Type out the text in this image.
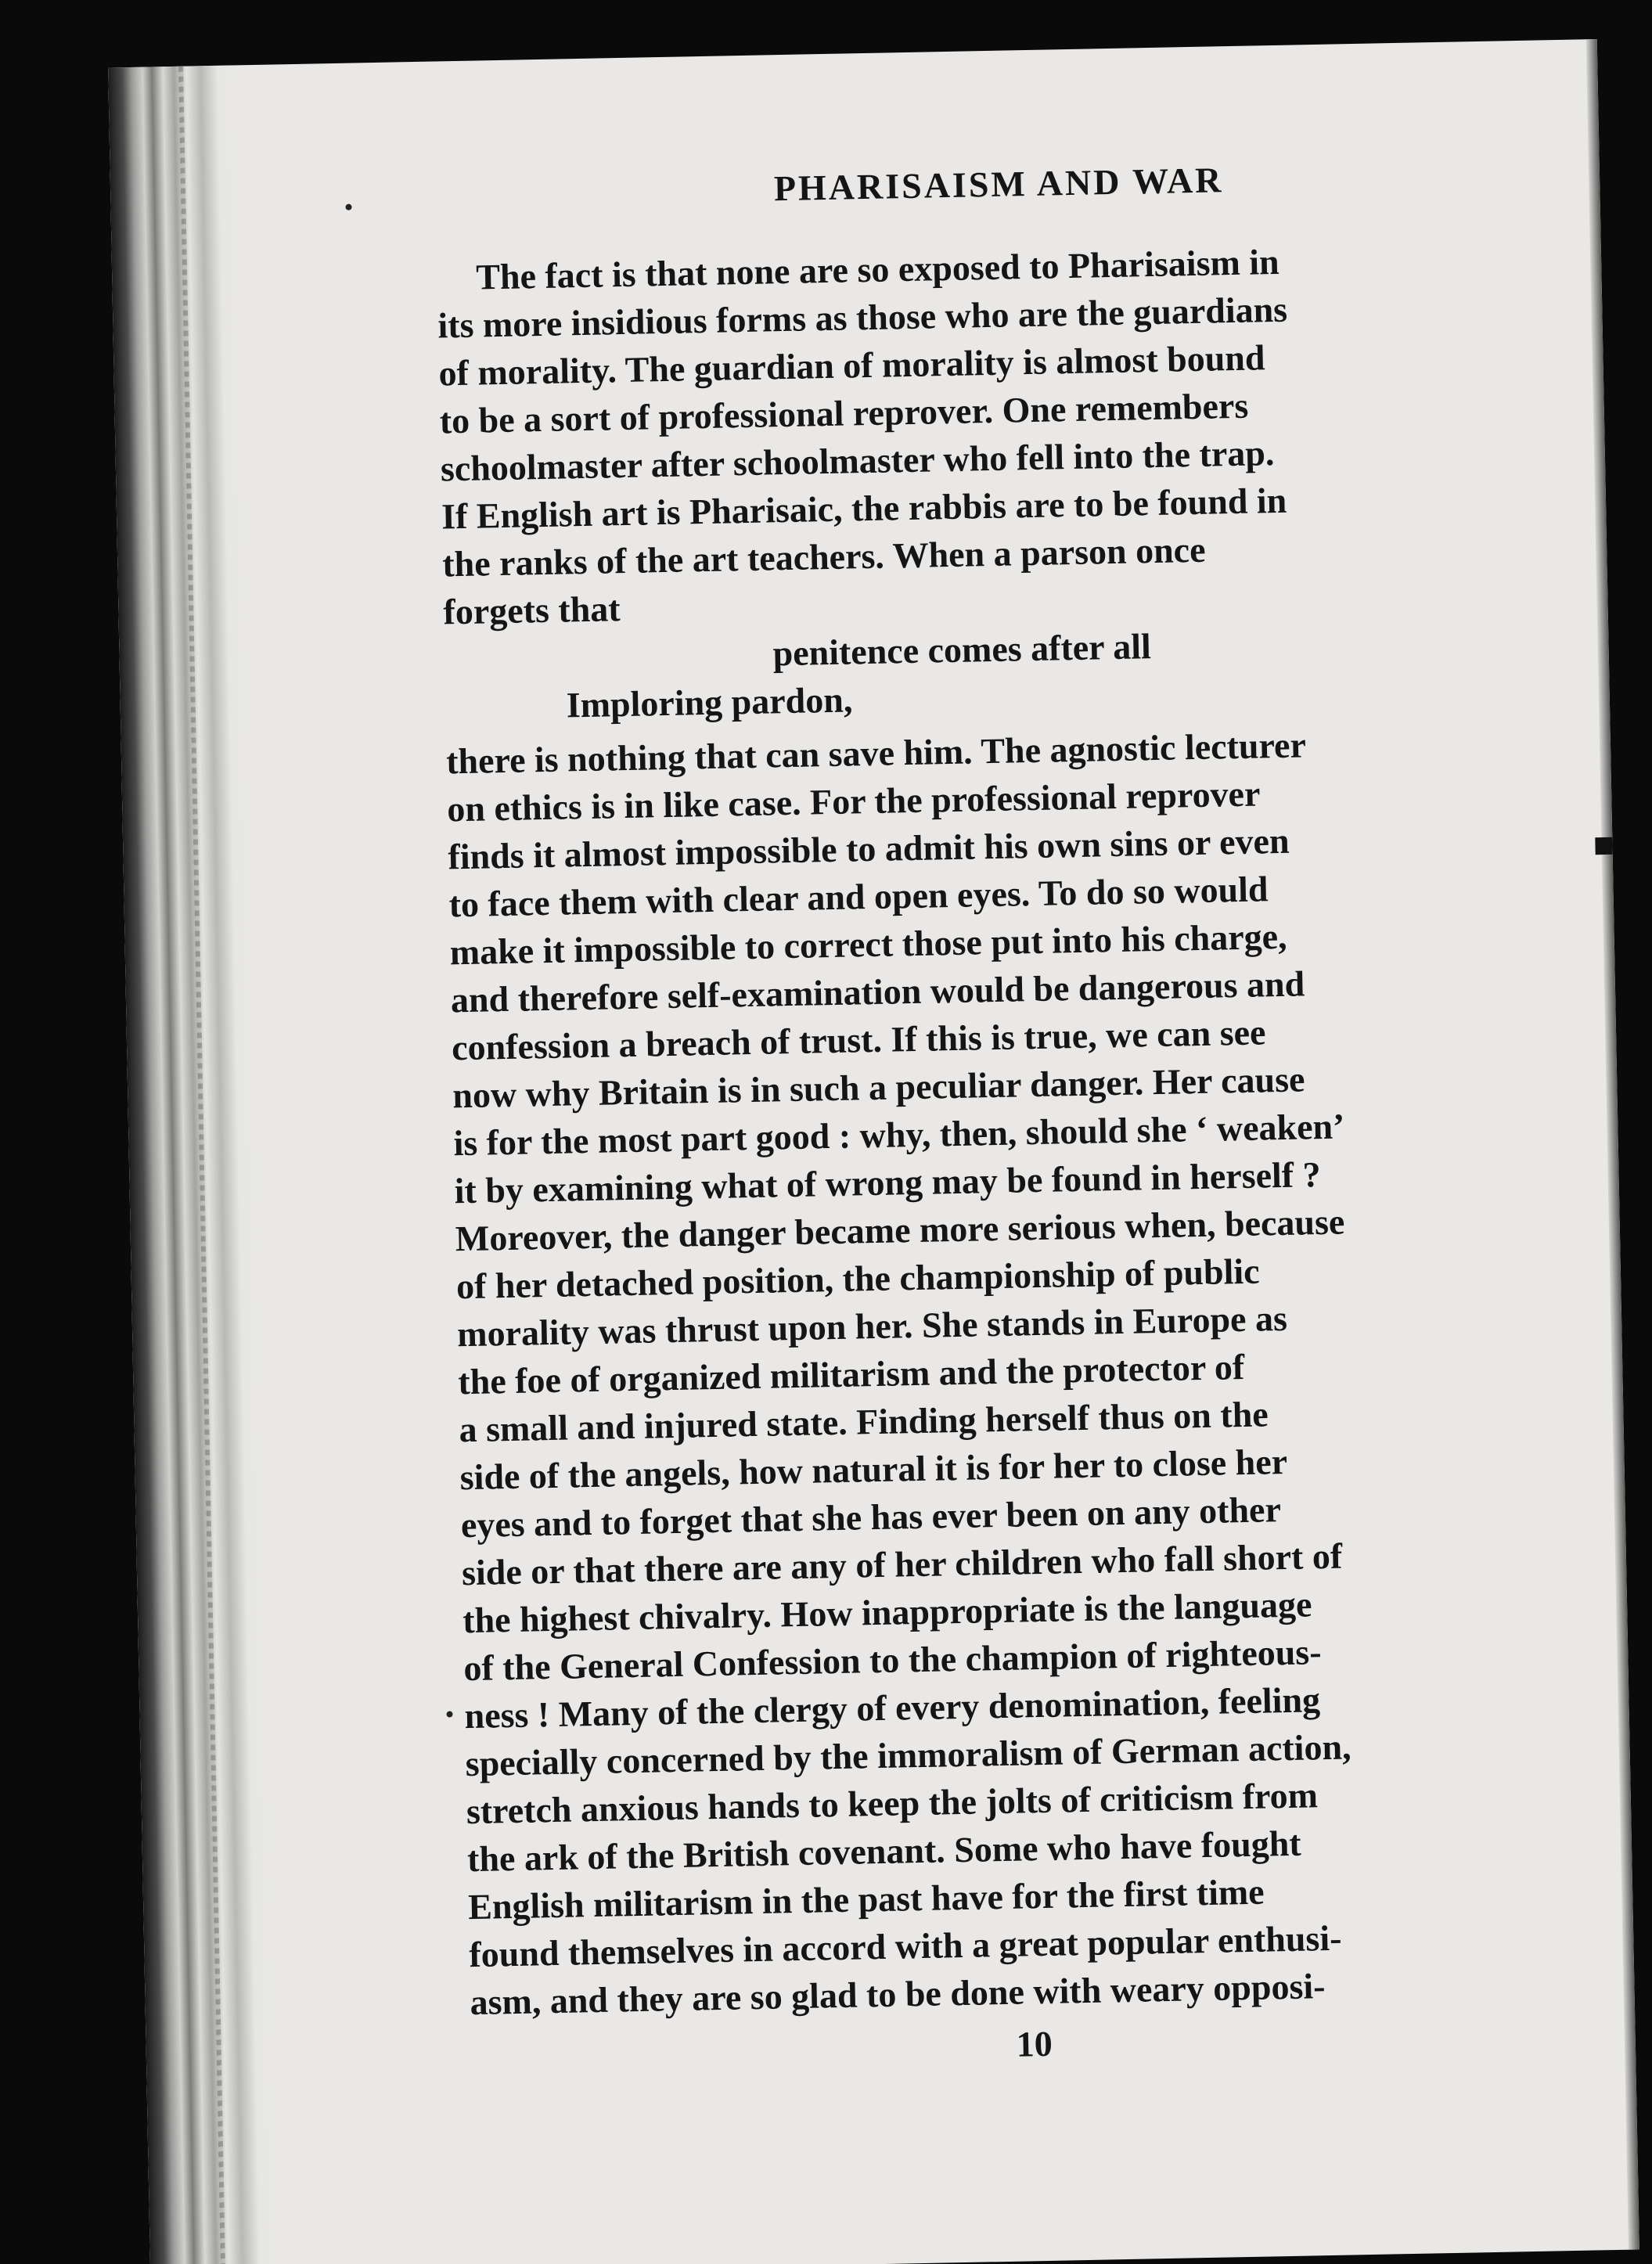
PHARISAISM AND WAR
The fact is that none are so exposed to Pharisaism in
its more insidious forms as those who are the guardians
of morality. The guardian of morality is almost bound
to be a sort of professional reprover. One remembers
schoolmaster after schoolmaster who fell into the trap.
If English art is Pharisaic, the rabbis are to be found in
the ranks of the art teachers. When a parson once
forgets that
penitence comes after all
Imploring pardon,
there is nothing that can save him. The agnostic lecturer
on ethics is in like case. For the professional reprover
finds it almost impossible to admit his own sins or even
to face them with clear and open eyes. To do so would
make it impossible to correct those put into his charge,
and therefore self-examination would be dangerous and
confession a breach of trust. If this is true, we can see
now why Britain is in such a peculiar danger. Her cause
is for the most part good : why, then, should she ‘ weaken’
it by examining what of wrong may be found in herself ?
Moreover, the danger became more serious when, because
of her detached position, the championship of public
morality was thrust upon her. She stands in Europe as
the foe of organized militarism and the protector of
a small and injured state. Finding herself thus on the
side of the angels, how natural it is for her to close her
eyes and to forget that she has ever been on any other
side or that there are any of her children who fall short of
the highest chivalry. How inappropriate is the language
of the General Confession to the champion of righteous-
ness ! Many of the clergy of every denomination, feeling
specially concerned by the immoralism of German action,
stretch anxious hands to keep the jolts of criticism from
the ark of the British covenant. Some who have fought
English militarism in the past have for the first time
found themselves in accord with a great popular enthusi-
asm, and they are so glad to be done with weary opposi-
10
